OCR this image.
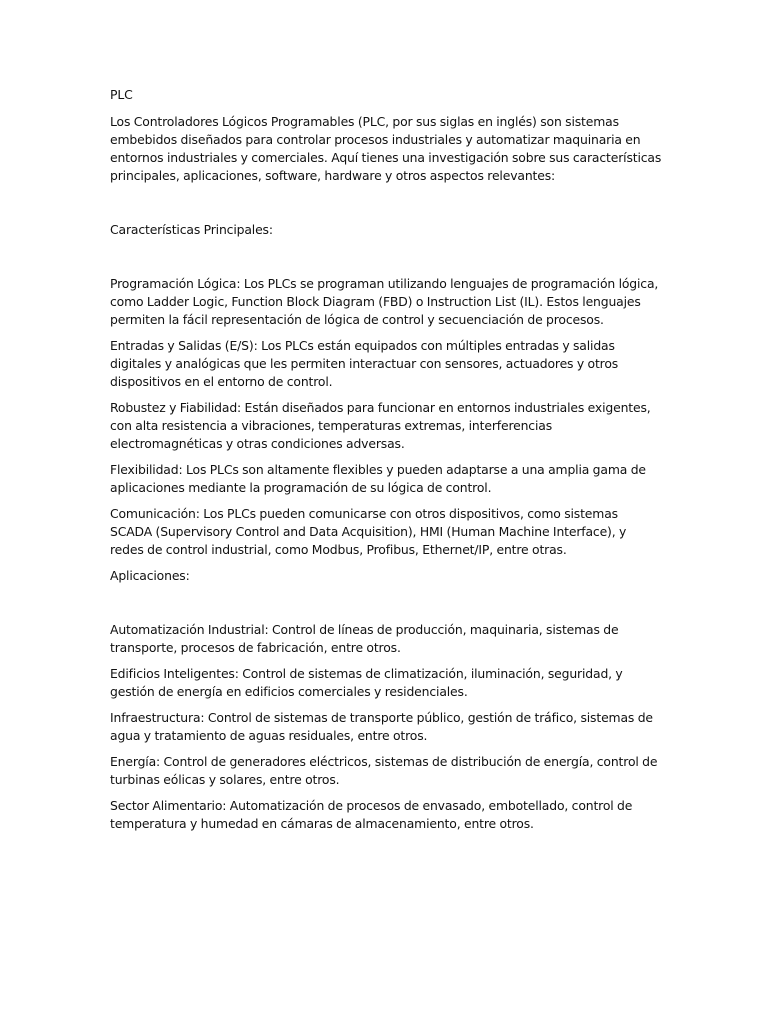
PLC

Los Controladores Lógicos Programables (PLC, por sus siglas en inglés) son sistemas embebidos diseñados para controlar procesos industriales y automatizar maquinaria en entornos industriales y comerciales. Aquí tienes una investigación sobre sus características principales, aplicaciones, software, hardware y otros aspectos relevantes:

Características Principales:

Programación Lógica: Los PLCs se programan utilizando lenguajes de programación lógica, como Ladder Logic, Function Block Diagram (FBD) o Instruction List (IL). Estos lenguajes permiten la fácil representación de lógica de control y secuenciación de procesos.

Entradas y Salidas (E/S): Los PLCs están equipados con múltiples entradas y salidas digitales y analógicas que les permiten interactuar con sensores, actuadores y otros dispositivos en el entorno de control.

Robustez y Fiabilidad: Están diseñados para funcionar en entornos industriales exigentes, con alta resistencia a vibraciones, temperaturas extremas, interferencias electromagnéticas y otras condiciones adversas.

Flexibilidad: Los PLCs son altamente flexibles y pueden adaptarse a una amplia gama de aplicaciones mediante la programación de su lógica de control.

Comunicación: Los PLCs pueden comunicarse con otros dispositivos, como sistemas SCADA (Supervisory Control and Data Acquisition), HMI (Human Machine Interface), y redes de control industrial, como Modbus, Profibus, Ethernet/IP, entre otras.

Aplicaciones:

Automatización Industrial: Control de líneas de producción, maquinaria, sistemas de transporte, procesos de fabricación, entre otros.

Edificios Inteligentes: Control de sistemas de climatización, iluminación, seguridad, y gestión de energía en edificios comerciales y residenciales.

Infraestructura: Control de sistemas de transporte público, gestión de tráfico, sistemas de agua y tratamiento de aguas residuales, entre otros.

Energía: Control de generadores eléctricos, sistemas de distribución de energía, control de turbinas eólicas y solares, entre otros.

Sector Alimentario: Automatización de procesos de envasado, embotellado, control de temperatura y humedad en cámaras de almacenamiento, entre otros.
